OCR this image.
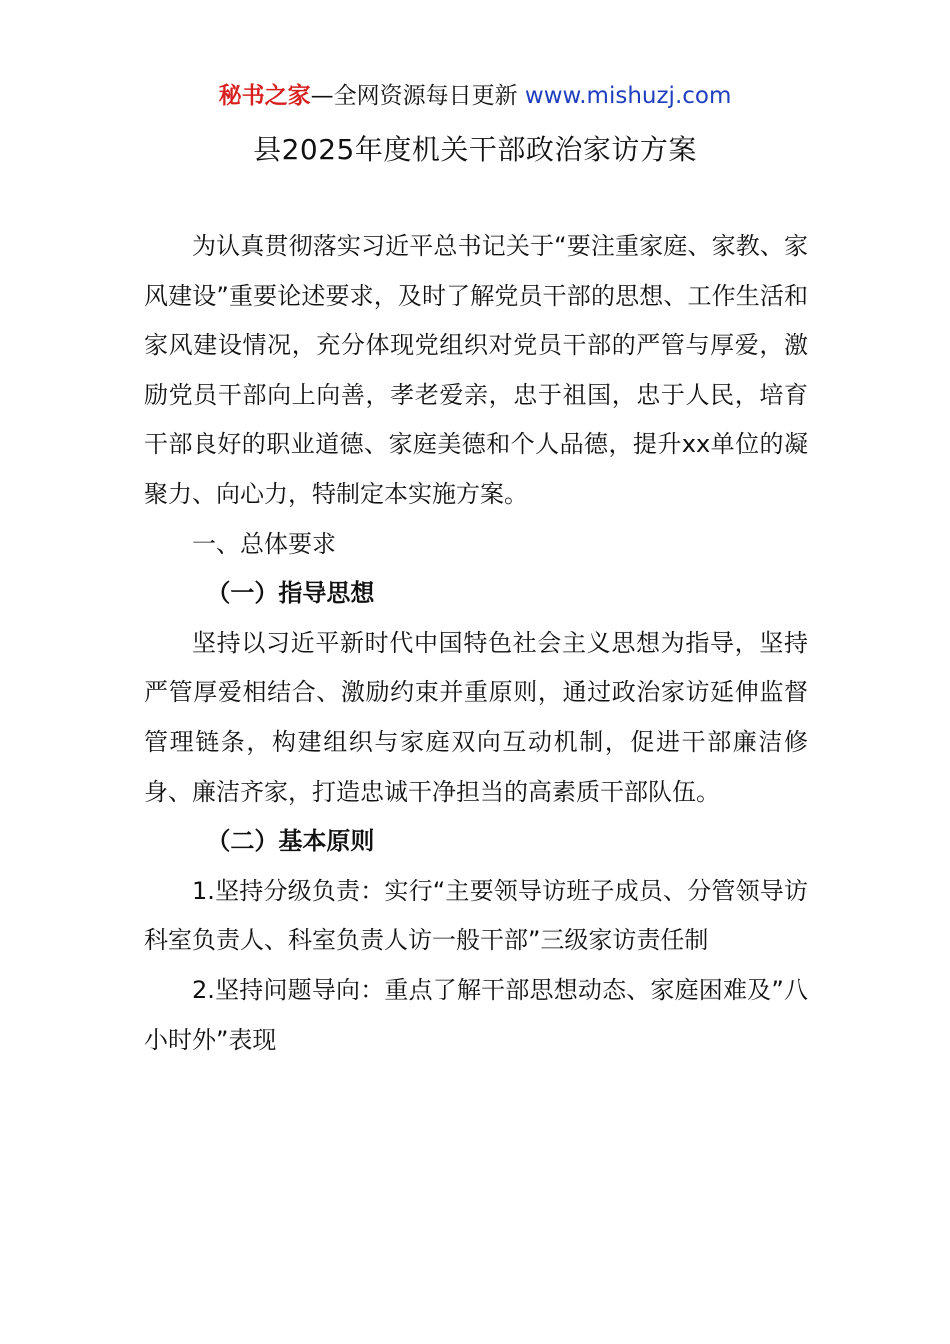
秘书之家—全网资源每日更新 www.mishuzj.com
县2025年度机关干部政治家访方案

为认真贯彻落实习近平总书记关于“要注重家庭、家教、家风建设”重要论述要求，及时了解党员干部的思想、工作生活和家风建设情况，充分体现党组织对党员干部的严管与厚爱，激励党员干部向上向善，孝老爱亲，忠于祖国，忠于人民，培育干部良好的职业道德、家庭美德和个人品德，提升xx单位的凝聚力、向心力，特制定本实施方案。

一、总体要求

（一）指导思想

坚持以习近平新时代中国特色社会主义思想为指导，坚持严管厚爱相结合、激励约束并重原则，通过政治家访延伸监督管理链条，构建组织与家庭双向互动机制，促进干部廉洁修身、廉洁齐家，打造忠诚干净担当的高素质干部队伍。

（二）基本原则

1.坚持分级负责：实行“主要领导访班子成员、分管领导访科室负责人、科室负责人访一般干部”三级家访责任制

2.坚持问题导向：重点了解干部思想动态、家庭困难及”八小时外”表现
